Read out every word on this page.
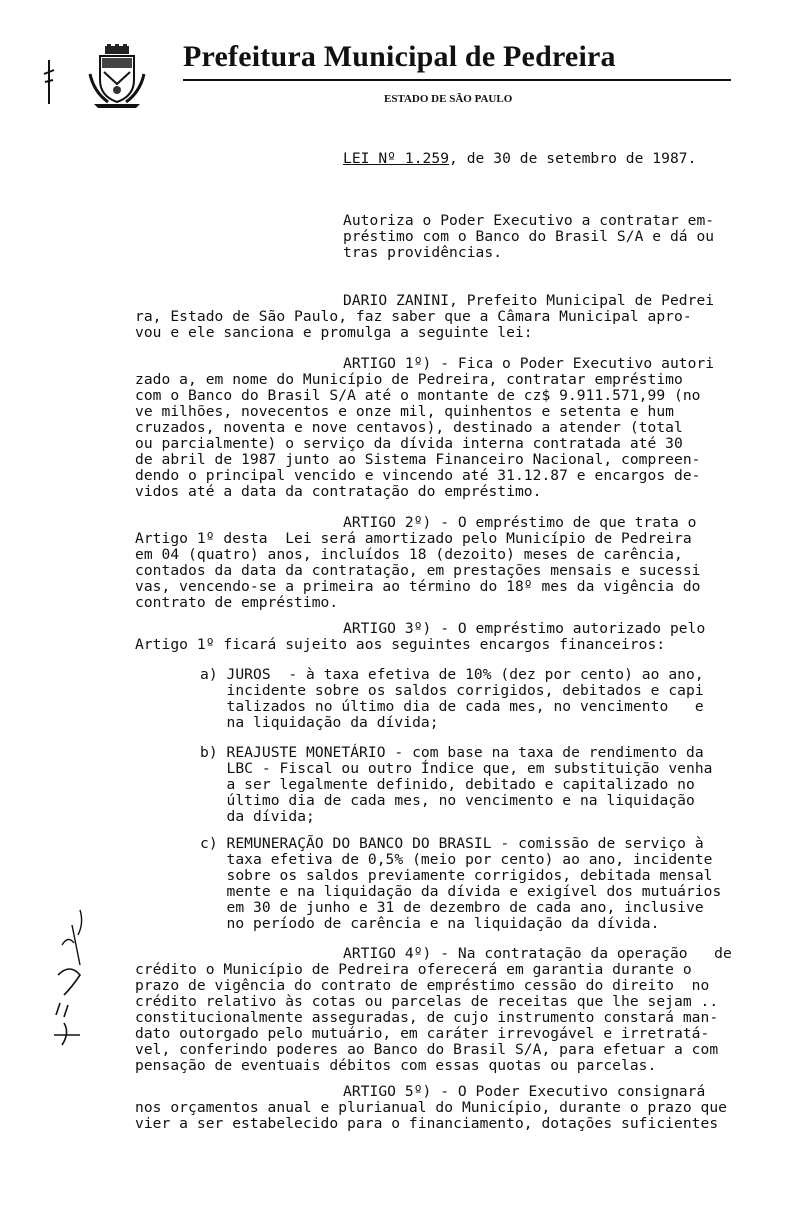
Prefeitura Municipal de Pedreira
ESTADO DE SÃO PAULO
LEI Nº 1.259, de 30 de setembro de 1987.
Autoriza o Poder Executivo a contratar em-
préstimo com o Banco do Brasil S/A e dá ou
tras providências.
DARIO ZANINI, Prefeito Municipal de Pedrei
ra, Estado de São Paulo, faz saber que a Câmara Municipal apro-
vou e ele sanciona e promulga a seguinte lei:
ARTIGO 1º) - Fica o Poder Executivo autori
zado a, em nome do Município de Pedreira, contratar empréstimo
com o Banco do Brasil S/A até o montante de cz$ 9.911.571,99 (no
ve milhões, novecentos e onze mil, quinhentos e setenta e hum
cruzados, noventa e nove centavos), destinado a atender (total
ou parcialmente) o serviço da dívida interna contratada até 30
de abril de 1987 junto ao Sistema Financeiro Nacional, compreen-
dendo o principal vencido e vincendo até 31.12.87 e encargos de-
vidos até a data da contratação do empréstimo.
ARTIGO 2º) - O empréstimo de que trata o
Artigo 1º desta  Lei será amortizado pelo Município de Pedreira
em 04 (quatro) anos, incluídos 18 (dezoito) meses de carência,
contados da data da contratação, em prestações mensais e sucessi
vas, vencendo-se a primeira ao término do 18º mes da vigência do
contrato de empréstimo.
ARTIGO 3º) - O empréstimo autorizado pelo
Artigo 1º ficará sujeito aos seguintes encargos financeiros:
a) JUROS  - à taxa efetiva de 10% (dez por cento) ao ano,
incidente sobre os saldos corrigidos, debitados e capi
talizados no último dia de cada mes, no vencimento   e
na liquidação da dívida;
b) REAJUSTE MONETÁRIO - com base na taxa de rendimento da
LBC - Fiscal ou outro Índice que, em substituição venha
a ser legalmente definido, debitado e capitalizado no
último dia de cada mes, no vencimento e na liquidação
da dívida;
c) REMUNERAÇÃO DO BANCO DO BRASIL - comissão de serviço à
taxa efetiva de 0,5% (meio por cento) ao ano, incidente
sobre os saldos previamente corrigidos, debitada mensal
mente e na liquidação da dívida e exigível dos mutuários
em 30 de junho e 31 de dezembro de cada ano, inclusive
no período de carência e na liquidação da dívida.
ARTIGO 4º) - Na contratação da operação   de
crédito o Município de Pedreira oferecerá em garantia durante o
prazo de vigência do contrato de empréstimo cessão do direito  no
crédito relativo às cotas ou parcelas de receitas que lhe sejam ..
constitucionalmente asseguradas, de cujo instrumento constará man-
dato outorgado pelo mutuário, em caráter irrevogável e irretratá-
vel, conferindo poderes ao Banco do Brasil S/A, para efetuar a com
pensação de eventuais débitos com essas quotas ou parcelas.
ARTIGO 5º) - O Poder Executivo consignará
nos orçamentos anual e plurianual do Município, durante o prazo que
vier a ser estabelecido para o financiamento, dotações suficientes
